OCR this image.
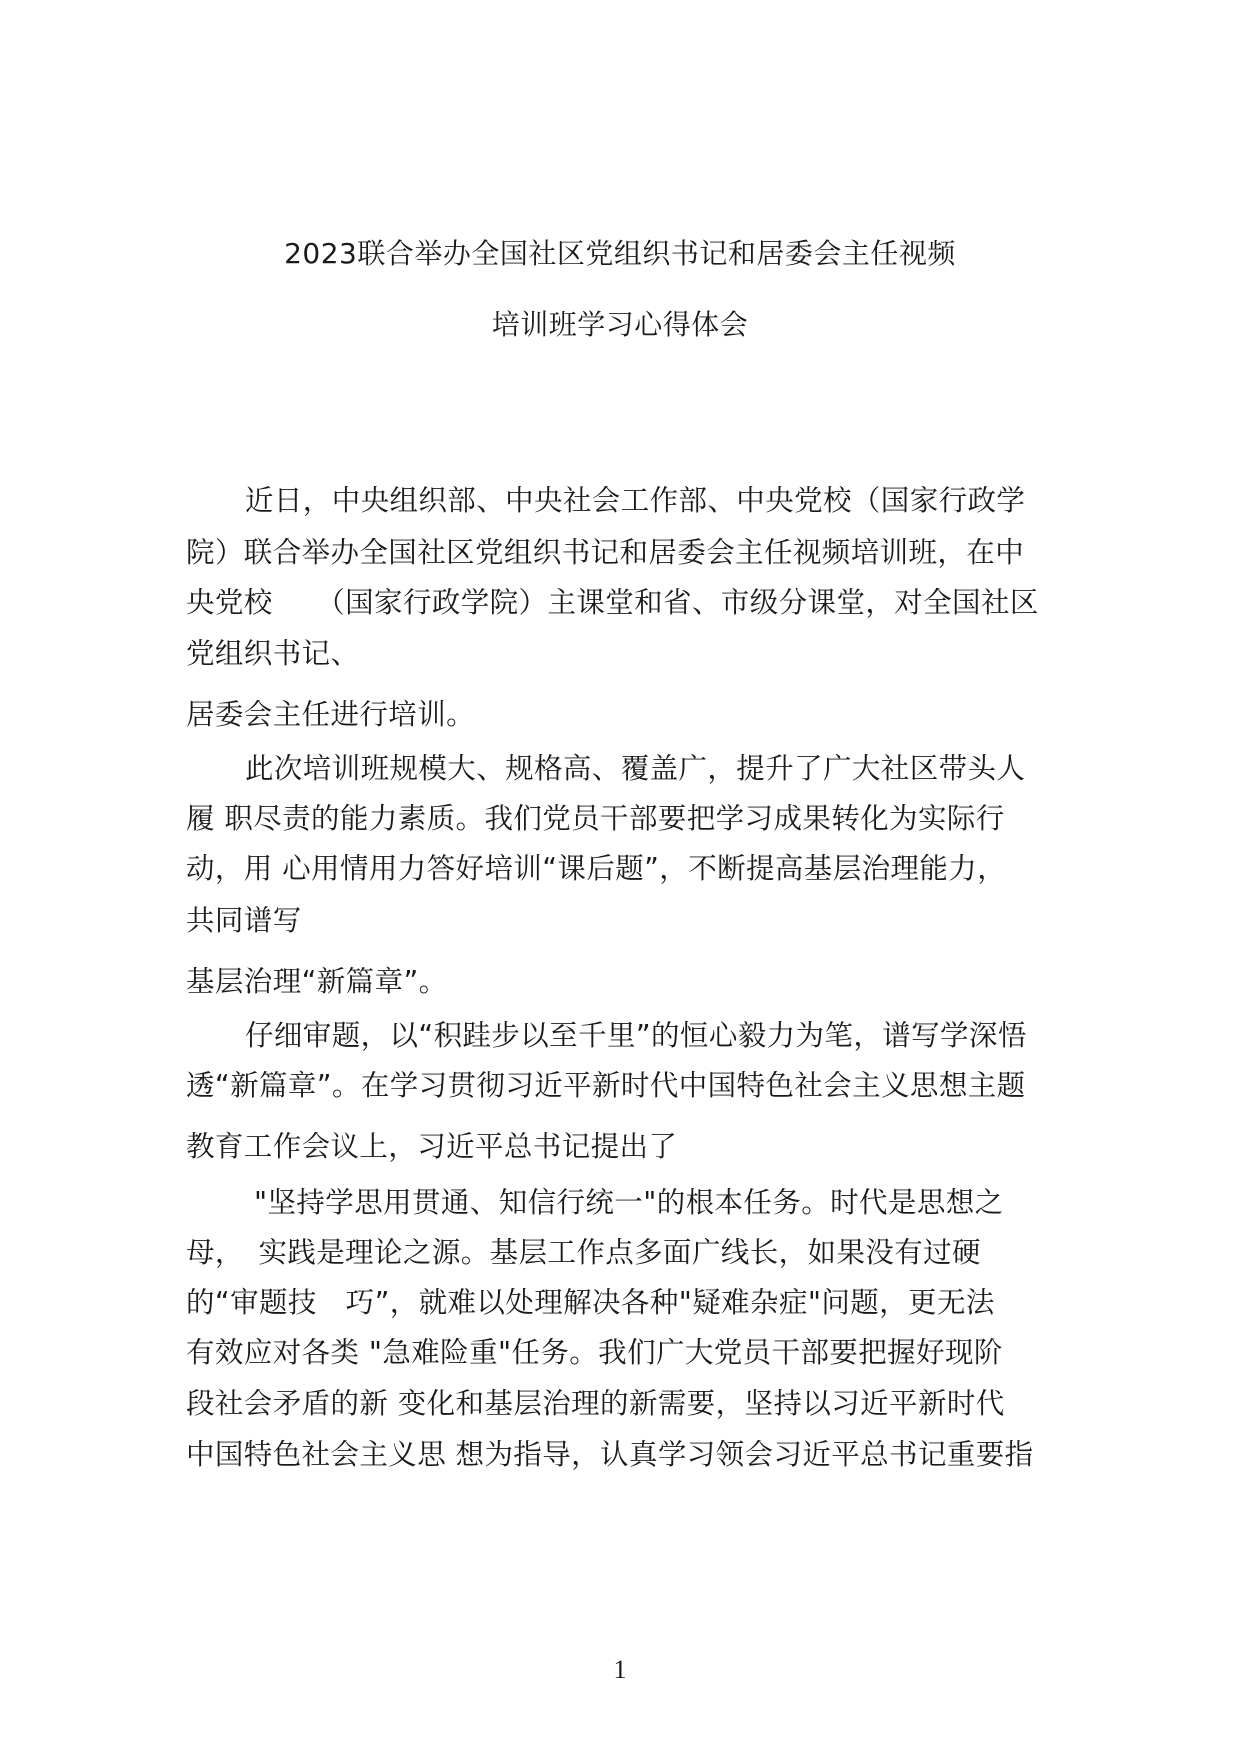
2023联合举办全国社区党组织书记和居委会主任视频
培训班学习心得体会
近日，中央组织部、中央社会工作部、中央党校（国家行政学
院）联合举办全国社区党组织书记和居委会主任视频培训班，在中
央党校　　（国家行政学院）主课堂和省、市级分课堂，对全国社区
党组织书记、
居委会主任进行培训。
此次培训班规模大、规格高、覆盖广，提升了广大社区带头人
履 职尽责的能力素质。我们党员干部要把学习成果转化为实际行
动，用 心用情用力答好培训“课后题”，不断提高基层治理能力，
共同谱写
基层治理“新篇章”。
仔细审题，以“积跬步以至千里”的恒心毅力为笔，谱写学深悟
透“新篇章”。在学习贯彻习近平新时代中国特色社会主义思想主题
教育工作会议上，习近平总书记提出了
"坚持学思用贯通、知信行统一"的根本任务。时代是思想之
母，　实践是理论之源。基层工作点多面广线长，如果没有过硬
的“审题技　巧”，就难以处理解决各种"疑难杂症"问题，更无法
有效应对各类 "急难险重"任务。我们广大党员干部要把握好现阶
段社会矛盾的新 变化和基层治理的新需要，坚持以习近平新时代
中国特色社会主义思 想为指导，认真学习领会习近平总书记重要指
1
